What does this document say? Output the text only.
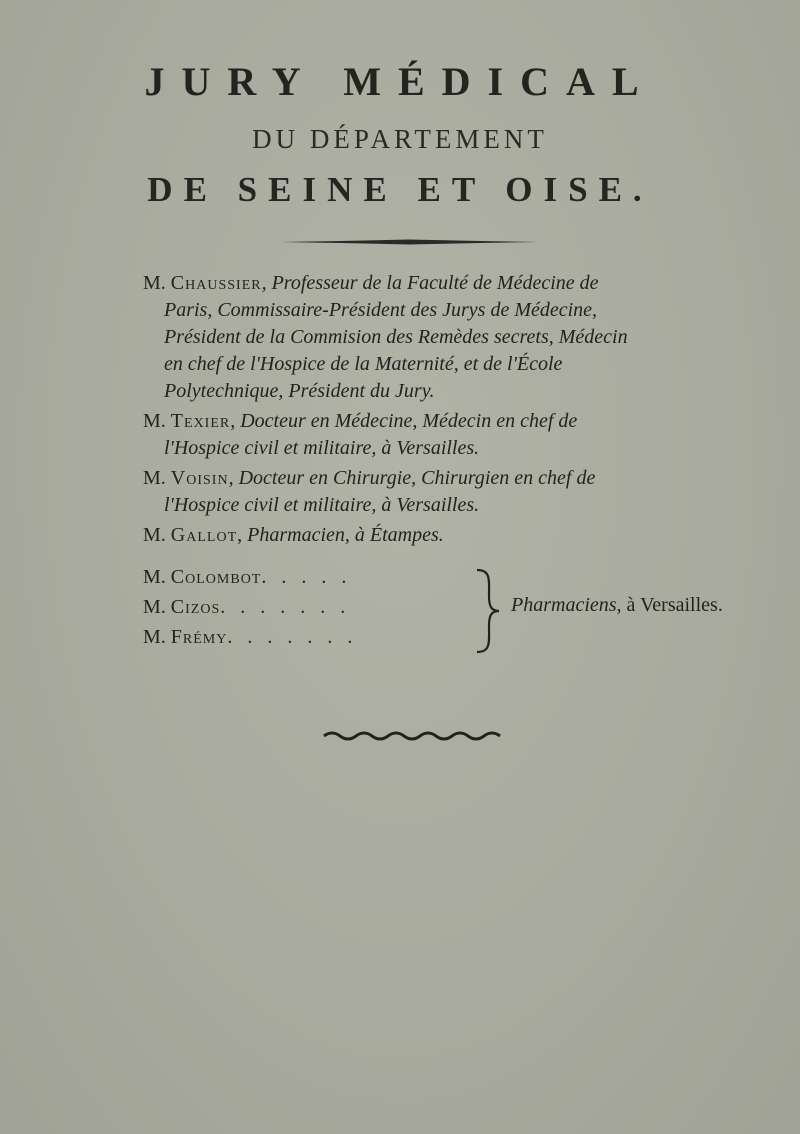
JURY MÉDICAL
DU DÉPARTEMENT
DE SEINE ET OISE.
M. Chaussier, Professeur de la Faculté de Médecine de
Paris, Commissaire-Président des Jurys de Médecine,
Président de la Commision des Remèdes secrets, Médecin
en chef de l'Hospice de la Maternité, et de l'École
Polytechnique, Président du Jury.
M. Texier, Docteur en Médecine, Médecin en chef de
l'Hospice civil et militaire, à Versailles.
M. Voisin, Docteur en Chirurgie, Chirurgien en chef de
l'Hospice civil et militaire, à Versailles.
M. Gallot, Pharmacien, à Étampes.
M. Colombot. . . . .
M. Cizos. . . . . . .
M. Frémy. . . . . . .
Pharmaciens, à Versailles.
